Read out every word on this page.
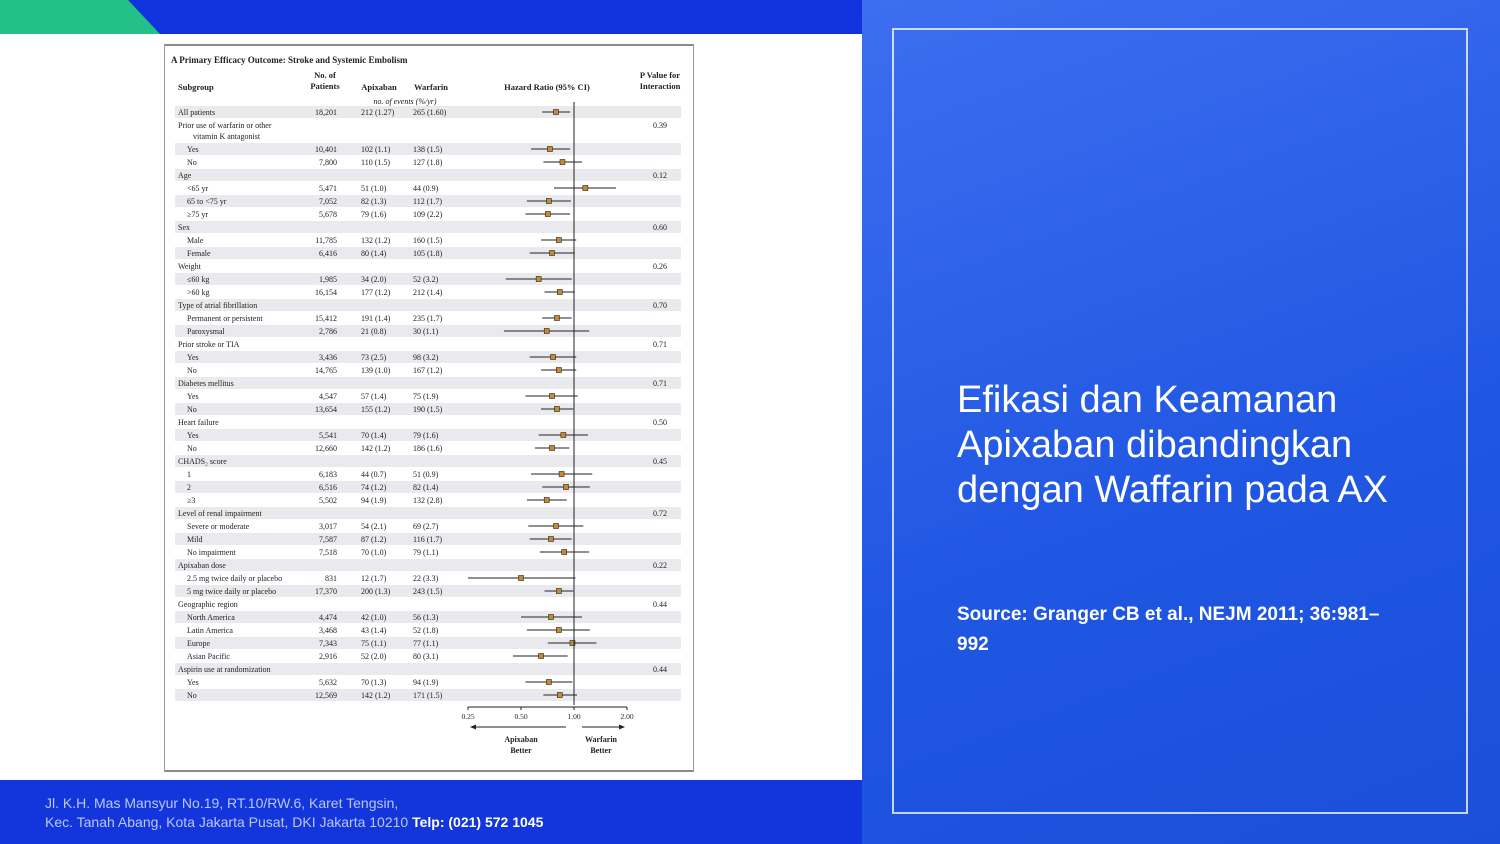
A Primary Efficacy Outcome: Stroke and Systemic Embolism
Subgroup
No. of
Patients	Apixaban Warfarin
no. of events (%/yr)
Hazard Ratio (95% CI)
P Value for
Interaction
All patients	18,201	212 (1.27) 265 (1.60)
Prior use of warfarin or other
vitamin K antagonist
0.39
Yes	10,401	102 (1.1)	138 (1.5)
No	7,800	110 (1.5)	127 (1.8)
Age	0.12
<65 yr	5,471	51 (1.0)	44 (0.9)
65 to <75 yr	7,052	82 (1.3)	112 (1.7)
≥75 yr	5,678	79 (1.6)	109 (2.2)
Sex	0.60
Male	11,785	132 (1.2)	160 (1.5)
Female	6,416	80 (1.4)	105 (1.8)
Weight	0.26
≤60 kg	1,985	34 (2.0)	52 (3.2)
>60 kg	16,154	177 (1.2)	212 (1.4)
Type of atrial fibrillation	0.70
Permanent or persistent	15,412	191 (1.4)	235 (1.7)
Paroxysmal	2,786	21 (0.8)	30 (1.1)
Prior stroke or TIA	0.71
Yes	3,436	73 (2.5)	98 (3.2)
No	14,765	139 (1.0)	167 (1.2)
Diabetes mellitus	0.71
Yes	4,547	57 (1.4)	75 (1.9)
No	13,654	155 (1.2)	190 (1.5)
Heart failure	0.50
Yes	5,541	70 (1.4)	79 (1.6)
No	12,660	142 (1.2)	186 (1.6)
CHADS₂ score	0.45
1	6,183	44 (0.7)	51 (0.9)
2	6,516	74 (1.2)	82 (1.4)
≥3	5,502	94 (1.9)	132 (2.8)
Level of renal impairment	0.72
Severe or moderate	3,017	54 (2.1)	69 (2.7)
Mild	7,587	87 (1.2)	116 (1.7)
No impairment	7,518	70 (1.0)	79 (1.1)
Apixaban dose	0.22
2.5 mg twice daily or placebo	831	12 (1.7)	22 (3.3)
5 mg twice daily or placebo	17,370	200 (1.3)	243 (1.5)
Geographic region	0.44
North America	4,474	42 (1.0)	56 (1.3)
Latin America	3,468	43 (1.4)	52 (1.8)
Europe	7,343	75 (1.1)	77 (1.1)
Asian Pacific	2,916	52 (2.0)	80 (3.1)
Aspirin use at randomization	0.44
Yes	5,632	70 (1.3)	94 (1.9)
No	12,569	142 (1.2)	171 (1.5)
0.25	0.50	1.00	2.00
Apixaban
Better
Warfarin
Better
Jl. K.H. Mas Mansyur No.19, RT.10/RW.6, Karet Tengsin,
Kec. Tanah Abang, Kota Jakarta Pusat, DKI Jakarta 10210 Telp: (021) 572 1045
Efikasi dan Keamanan Apixaban dibandingkan dengan Waffarin pada AX
Source: Granger CB et al., NEJM 2011; 36:981–992
